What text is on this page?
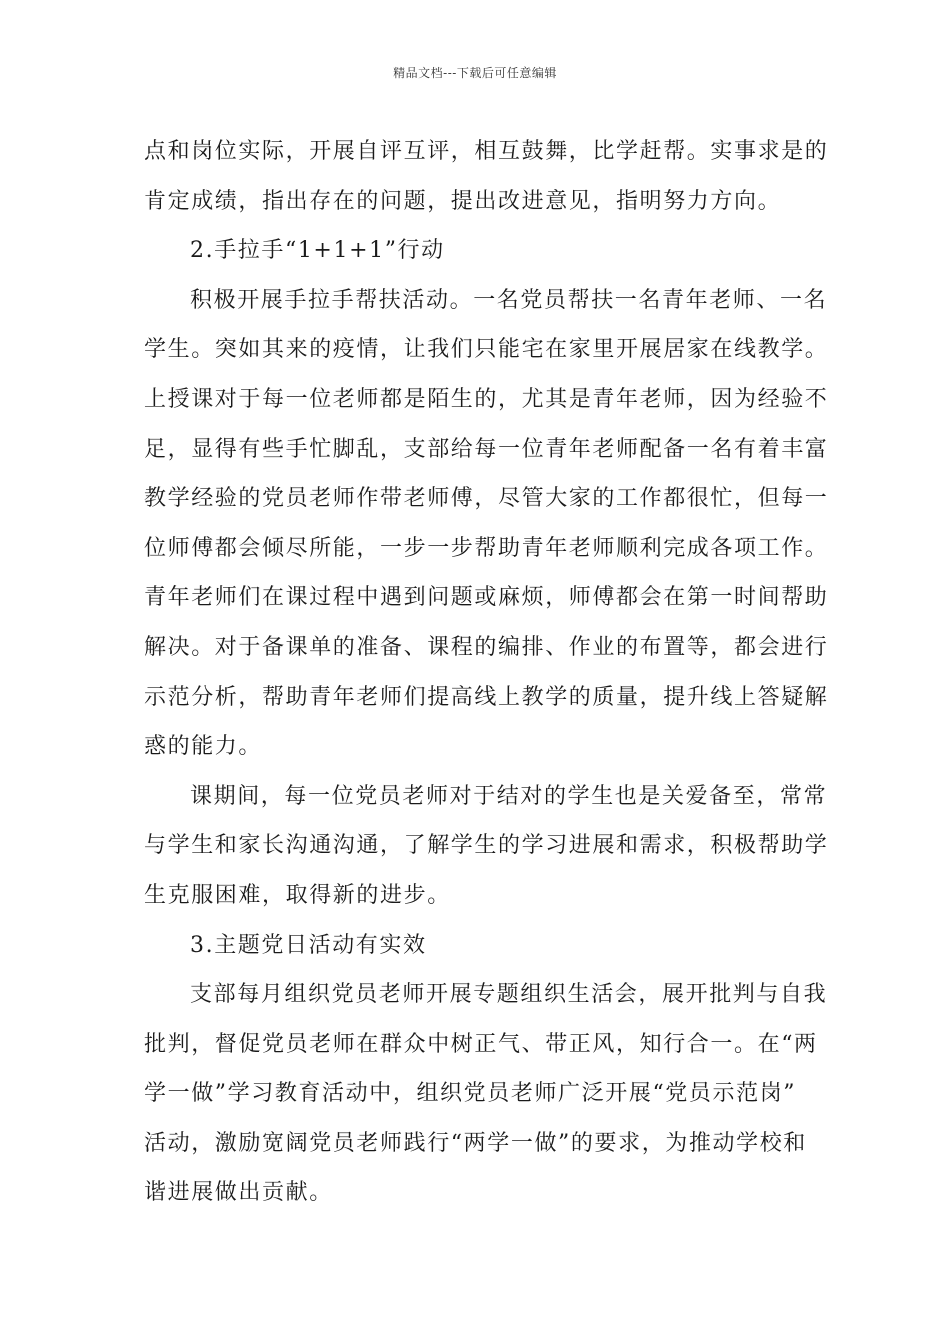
精品文档---下载后可任意编辑
点和岗位实际，开展自评互评，相互鼓舞，比学赶帮。实事求是的
肯定成绩，指出存在的问题，提出改进意见，指明努力方向。
2.手拉手“1+1+1”行动
积极开展手拉手帮扶活动。一名党员帮扶一名青年老师、一名
学生。突如其来的疫情，让我们只能宅在家里开展居家在线教学。
上授课对于每一位老师都是陌生的，尤其是青年老师，因为经验不
足，显得有些手忙脚乱，支部给每一位青年老师配备一名有着丰富
教学经验的党员老师作带老师傅，尽管大家的工作都很忙，但每一
位师傅都会倾尽所能，一步一步帮助青年老师顺利完成各项工作。
青年老师们在课过程中遇到问题或麻烦，师傅都会在第一时间帮助
解决。对于备课单的准备、课程的编排、作业的布置等，都会进行
示范分析，帮助青年老师们提高线上教学的质量，提升线上答疑解
惑的能力。
课期间，每一位党员老师对于结对的学生也是关爱备至，常常
与学生和家长沟通沟通，了解学生的学习进展和需求，积极帮助学
生克服困难，取得新的进步。
3.主题党日活动有实效
支部每月组织党员老师开展专题组织生活会，展开批判与自我
批判，督促党员老师在群众中树正气、带正风，知行合一。在“两
学一做”学习教育活动中，组织党员老师广泛开展“党员示范岗”
活动，激励宽阔党员老师践行“两学一做”的要求，为推动学校和
谐进展做出贡献。
